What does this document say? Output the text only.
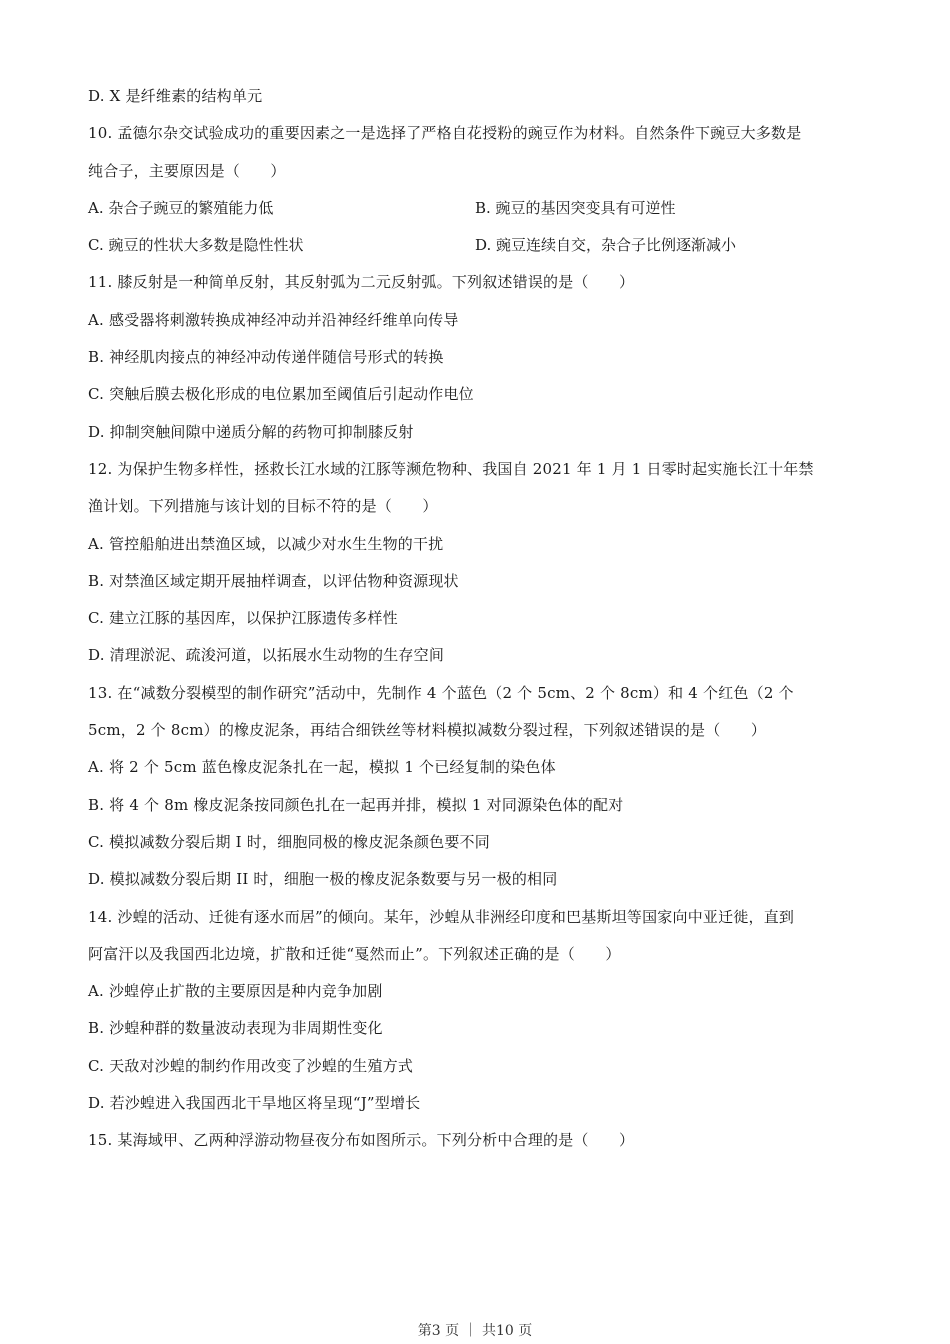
D. X 是纤维素的结构单元
10. 孟德尔杂交试验成功的重要因素之一是选择了严格自花授粉的豌豆作为材料。自然条件下豌豆大多数是
纯合子，主要原因是（　　）
A. 杂合子豌豆的繁殖能力低	B. 豌豆的基因突变具有可逆性
C. 豌豆的性状大多数是隐性性状	D. 豌豆连续自交，杂合子比例逐渐减小
11. 膝反射是一种简单反射，其反射弧为二元反射弧。下列叙述错误的是（　　）
A. 感受器将刺激转换成神经冲动并沿神经纤维单向传导
B. 神经肌肉接点的神经冲动传递伴随信号形式的转换
C. 突触后膜去极化形成的电位累加至阈值后引起动作电位
D. 抑制突触间隙中递质分解的药物可抑制膝反射
12. 为保护生物多样性，拯救长江水域的江豚等濒危物种、我国自 2021 年 1 月 1 日零时起实施长江十年禁
渔计划。下列措施与该计划的目标不符的是（　　）
A. 管控船舶进出禁渔区域，以减少对水生生物的干扰
B. 对禁渔区域定期开展抽样调查，以评估物种资源现状
C. 建立江豚的基因库，以保护江豚遗传多样性
D. 清理淤泥、疏浚河道，以拓展水生动物的生存空间
13. 在“减数分裂模型的制作研究”活动中，先制作 4 个蓝色（2 个 5cm、2 个 8cm）和 4 个红色（2 个
5cm，2 个 8cm）的橡皮泥条，再结合细铁丝等材料模拟减数分裂过程，下列叙述错误的是（　　）
A. 将 2 个 5cm 蓝色橡皮泥条扎在一起，模拟 1 个已经复制的染色体
B. 将 4 个 8m 橡皮泥条按同颜色扎在一起再并排，模拟 1 对同源染色体的配对
C. 模拟减数分裂后期 I 时，细胞同极的橡皮泥条颜色要不同
D. 模拟减数分裂后期 II 时，细胞一极的橡皮泥条数要与另一极的相同
14. 沙蝗的活动、迁徙有逐水而居”的倾向。某年，沙蝗从非洲经印度和巴基斯坦等国家向中亚迁徙，直到
阿富汗以及我国西北边境，扩散和迁徙“戛然而止”。下列叙述正确的是（　　）
A. 沙蝗停止扩散的主要原因是种内竞争加剧
B. 沙蝗种群的数量波动表现为非周期性变化
C. 天敌对沙蝗的制约作用改变了沙蝗的生殖方式
D. 若沙蝗进入我国西北干旱地区将呈现“J”型增长
15. 某海域甲、乙两种浮游动物昼夜分布如图所示。下列分析中合理的是（　　）
第3 页 ｜ 共10 页
